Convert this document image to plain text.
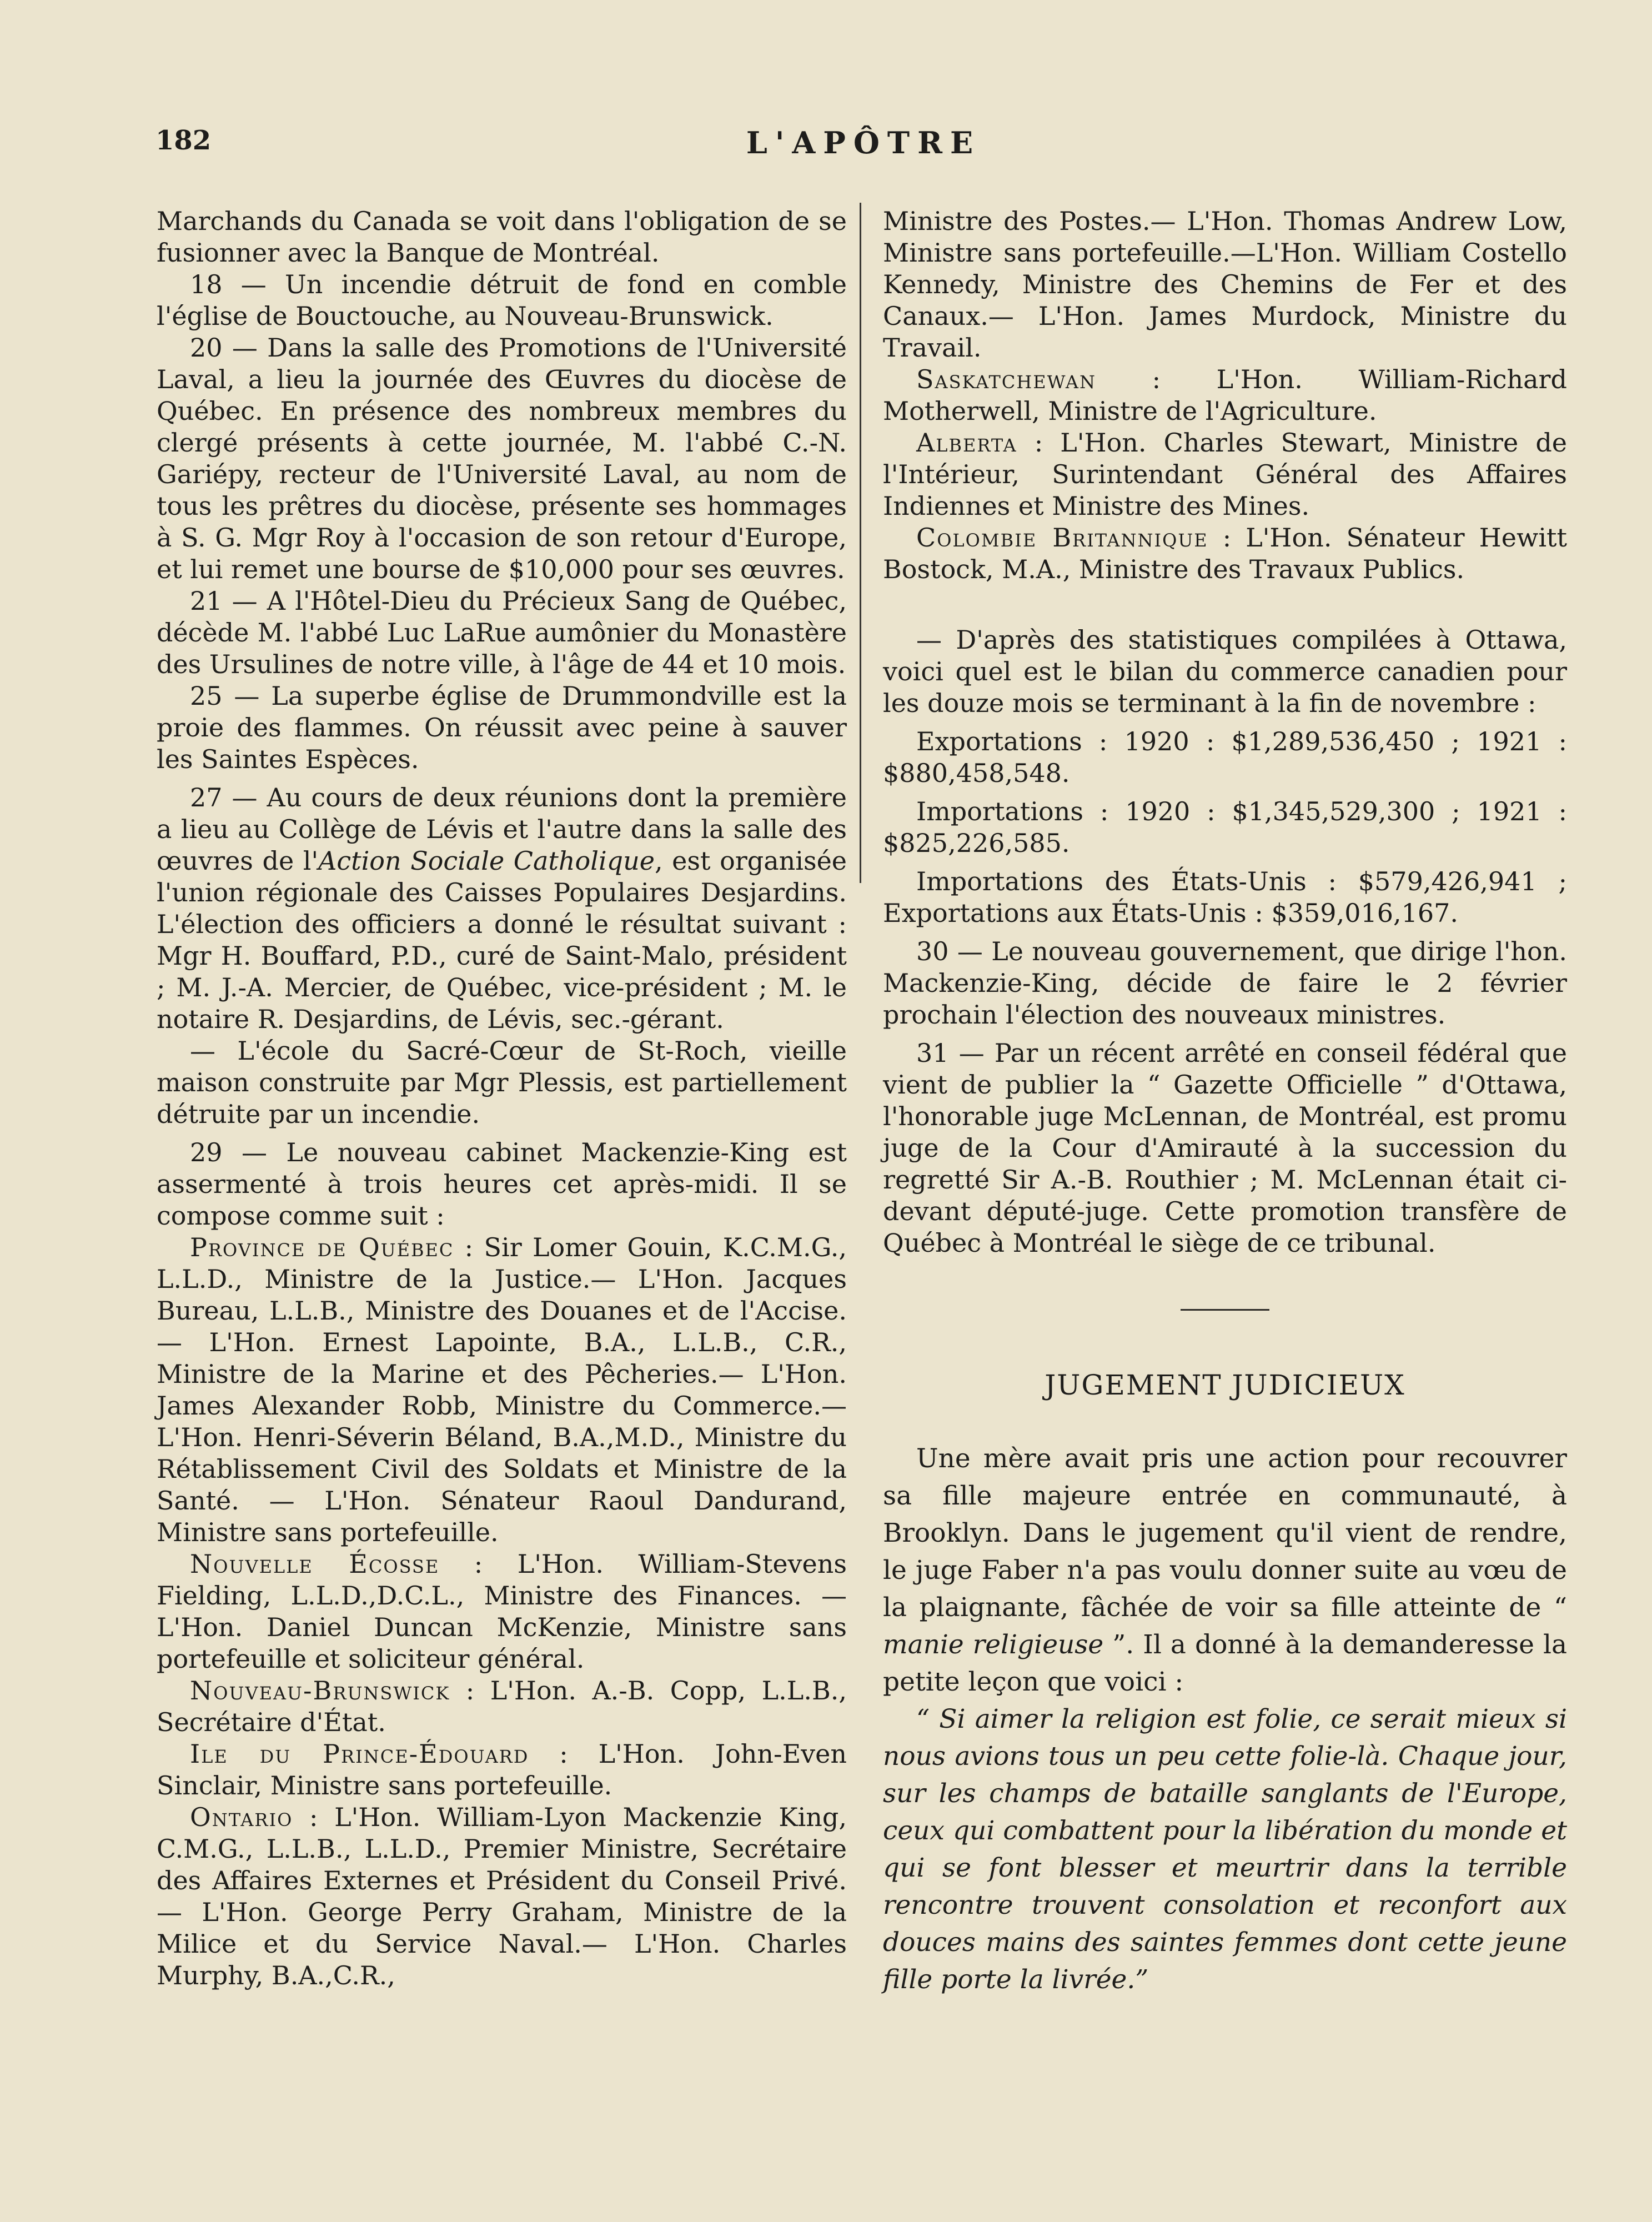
182	L'APÔTRE

Marchands du Canada se voit dans l'obligation de se fusionner avec la Banque de Montréal.

18 — Un incendie détruit de fond en comble l'église de Bouctouche, au Nouveau-Brunswick.

20 — Dans la salle des Promotions de l'Université Laval, a lieu la journée des Œuvres du diocèse de Québec. En présence des nombreux membres du clergé présents à cette journée, M. l'abbé C.-N. Gariépy, recteur de l'Université Laval, au nom de tous les prêtres du diocèse, présente ses hommages à S. G. Mgr Roy à l'occasion de son retour d'Europe, et lui remet une bourse de $10,000 pour ses œuvres.

21 — A l'Hôtel-Dieu du Précieux Sang de Québec, décède M. l'abbé Luc LaRue aumônier du Monastère des Ursulines de notre ville, à l'âge de 44 et 10 mois.

25 — La superbe église de Drummondville est la proie des flammes. On réussit avec peine à sauver les Saintes Espèces.

27 — Au cours de deux réunions dont la première a lieu au Collège de Lévis et l'autre dans la salle des œuvres de l'Action Sociale Catholique, est organisée l'union régionale des Caisses Populaires Desjardins. L'élection des officiers a donné le résultat suivant : Mgr H. Bouffard, P.D., curé de Saint-Malo, président ; M. J.-A. Mercier, de Québec, vice-président ; M. le notaire R. Desjardins, de Lévis, sec.-gérant.

— L'école du Sacré-Cœur de St-Roch, vieille maison construite par Mgr Plessis, est partiellement détruite par un incendie.

29 — Le nouveau cabinet Mackenzie-King est assermenté à trois heures cet après-midi. Il se compose comme suit :

Province de Québec : Sir Lomer Gouin, K.C.M.G., L.L.D., Ministre de la Justice.— L'Hon. Jacques Bureau, L.L.B., Ministre des Douanes et de l'Accise.— L'Hon. Ernest Lapointe, B.A., L.L.B., C.R., Ministre de la Marine et des Pêcheries.— L'Hon. James Alexander Robb, Ministre du Commerce.— L'Hon. Henri-Séverin Béland, B.A.,M.D., Ministre du Rétablissement Civil des Soldats et Ministre de la Santé. — L'Hon. Sénateur Raoul Dandurand, Ministre sans portefeuille.

Nouvelle Écosse : L'Hon. William-Stevens Fielding, L.L.D.,D.C.L., Ministre des Finances. — L'Hon. Daniel Duncan McKenzie, Ministre sans portefeuille et soliciteur général.

Nouveau-Brunswick : L'Hon. A.-B. Copp, L.L.B., Secrétaire d'État.

Ile du Prince-Édouard : L'Hon. John-Even Sinclair, Ministre sans portefeuille.

Ontario : L'Hon. William-Lyon Mackenzie King, C.M.G., L.L.B., L.L.D., Premier Ministre, Secrétaire des Affaires Externes et Président du Conseil Privé.— L'Hon. George Perry Graham, Ministre de la Milice et du Service Naval.— L'Hon. Charles Murphy, B.A.,C.R.,

Ministre des Postes.— L'Hon. Thomas Andrew Low, Ministre sans portefeuille.—L'Hon. William Costello Kennedy, Ministre des Chemins de Fer et des Canaux.— L'Hon. James Murdock, Ministre du Travail.

Saskatchewan : L'Hon. William-Richard Motherwell, Ministre de l'Agriculture.

Alberta : L'Hon. Charles Stewart, Ministre de l'Intérieur, Surintendant Général des Affaires Indiennes et Ministre des Mines.

Colombie Britannique : L'Hon. Sénateur Hewitt Bostock, M.A., Ministre des Travaux Publics.

— D'après des statistiques compilées à Ottawa, voici quel est le bilan du commerce canadien pour les douze mois se terminant à la fin de novembre :

Exportations : 1920 : $1,289,536,450 ; 1921 : $880,458,548.

Importations : 1920 : $1,345,529,300 ; 1921 : $825,226,585.

Importations des États-Unis : $579,426,941 ; Exportations aux États-Unis : $359,016,167.

30 — Le nouveau gouvernement, que dirige l'hon. Mackenzie-King, décide de faire le 2 février prochain l'élection des nouveaux ministres.

31 — Par un récent arrêté en conseil fédéral que vient de publier la “ Gazette Officielle ” d'Ottawa, l'honorable juge McLennan, de Montréal, est promu juge de la Cour d'Amirauté à la succession du regretté Sir A.-B. Routhier ; M. McLennan était ci-devant député-juge. Cette promotion transfère de Québec à Montréal le siège de ce tribunal.

JUGEMENT JUDICIEUX

Une mère avait pris une action pour recouvrer sa fille majeure entrée en communauté, à Brooklyn. Dans le jugement qu'il vient de rendre, le juge Faber n'a pas voulu donner suite au vœu de la plaignante, fâchée de voir sa fille atteinte de “ manie religieuse ”. Il a donné à la demanderesse la petite leçon que voici :

“ Si aimer la religion est folie, ce serait mieux si nous avions tous un peu cette folie-là. Chaque jour, sur les champs de bataille sanglants de l'Europe, ceux qui combattent pour la libération du monde et qui se font blesser et meurtrir dans la terrible rencontre trouvent consolation et reconfort aux douces mains des saintes femmes dont cette jeune fille porte la livrée.”
